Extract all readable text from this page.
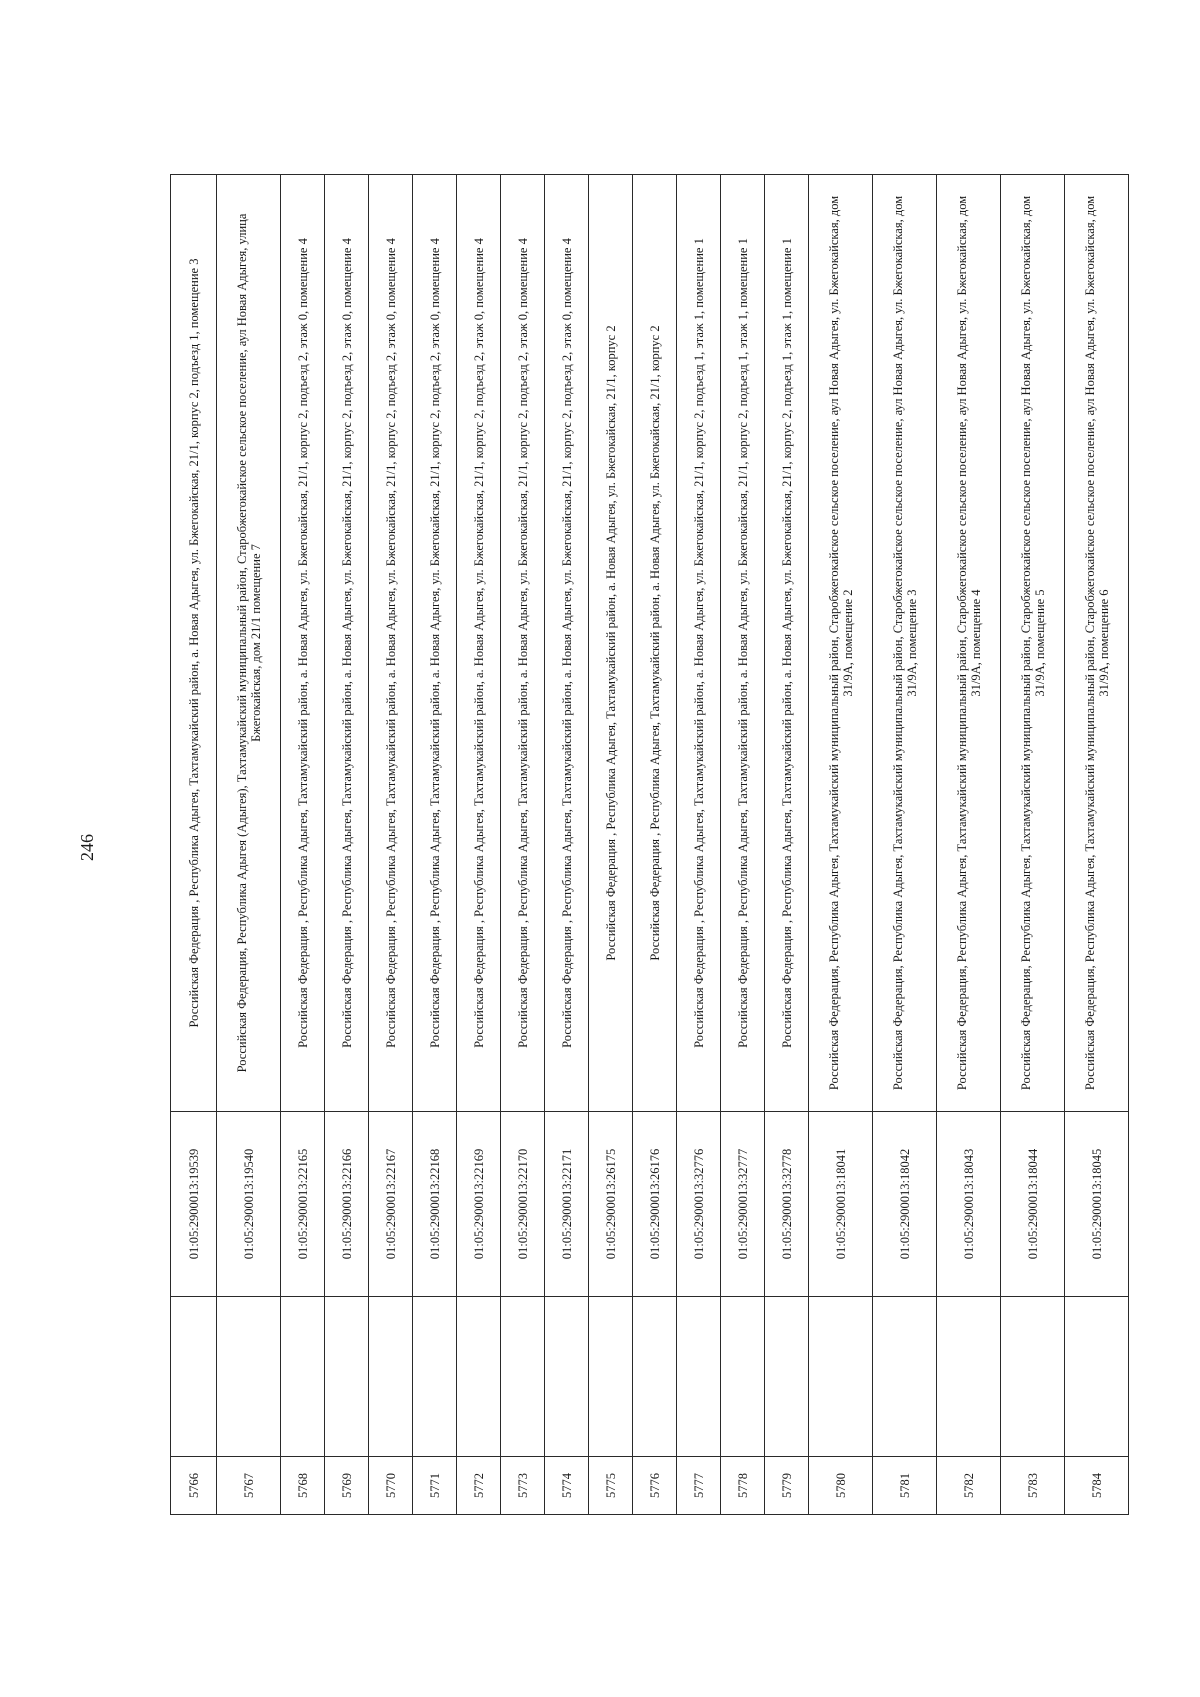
246
5766		01:05:2900013:19539	Российская Федерация , Республика Адыгея, Тахтамукайский район, а. Новая Адыгея, ул. Бжегокайская, 21/1, корпус 2, подъезд 1, помещение 3
5767		01:05:2900013:19540	Российская Федерация, Республика Адыгея (Адыгея), Тахтамукайский муниципальный район, Старобжегокайское сельское поселение, аул Новая Адыгея, улица Бжегокайская, дом 21/1 помещение 7
5768		01:05:2900013:22165	Российская Федерация , Республика Адыгея, Тахтамукайский район, а. Новая Адыгея, ул. Бжегокайская, 21/1, корпус 2, подъезд 2, этаж 0, помещение 4
5769		01:05:2900013:22166	Российская Федерация , Республика Адыгея, Тахтамукайский район, а. Новая Адыгея, ул. Бжегокайская, 21/1, корпус 2, подъезд 2, этаж 0, помещение 4
5770		01:05:2900013:22167	Российская Федерация , Республика Адыгея, Тахтамукайский район, а. Новая Адыгея, ул. Бжегокайская, 21/1, корпус 2, подъезд 2, этаж 0, помещение 4
5771		01:05:2900013:22168	Российская Федерация , Республика Адыгея, Тахтамукайский район, а. Новая Адыгея, ул. Бжегокайская, 21/1, корпус 2, подъезд 2, этаж 0, помещение 4
5772		01:05:2900013:22169	Российская Федерация , Республика Адыгея, Тахтамукайский район, а. Новая Адыгея, ул. Бжегокайская, 21/1, корпус 2, подъезд 2, этаж 0, помещение 4
5773		01:05:2900013:22170	Российская Федерация , Республика Адыгея, Тахтамукайский район, а. Новая Адыгея, ул. Бжегокайская, 21/1, корпус 2, подъезд 2, этаж 0, помещение 4
5774		01:05:2900013:22171	Российская Федерация , Республика Адыгея, Тахтамукайский район, а. Новая Адыгея, ул. Бжегокайская, 21/1, корпус 2, подъезд 2, этаж 0, помещение 4
5775		01:05:2900013:26175	Российская Федерация , Республика Адыгея, Тахтамукайский район, а. Новая Адыгея, ул. Бжегокайская, 21/1, корпус 2
5776		01:05:2900013:26176	Российская Федерация , Республика Адыгея, Тахтамукайский район, а. Новая Адыгея, ул. Бжегокайская, 21/1, корпус 2
5777		01:05:2900013:32776	Российская Федерация , Республика Адыгея, Тахтамукайский район, а. Новая Адыгея, ул. Бжегокайская, 21/1, корпус 2, подъезд 1, этаж 1, помещение 1
5778		01:05:2900013:32777	Российская Федерация , Республика Адыгея, Тахтамукайский район, а. Новая Адыгея, ул. Бжегокайская, 21/1, корпус 2, подъезд 1, этаж 1, помещение 1
5779		01:05:2900013:32778	Российская Федерация , Республика Адыгея, Тахтамукайский район, а. Новая Адыгея, ул. Бжегокайская, 21/1, корпус 2, подъезд 1, этаж 1, помещение 1
5780		01:05:2900013:18041	Российская Федерация, Республика Адыгея, Тахтамукайский муниципальный район, Старобжегокайское сельское поселение, аул Новая Адыгея, ул. Бжегокайская, дом 31/9А, помещение 2
5781		01:05:2900013:18042	Российская Федерация, Республика Адыгея, Тахтамукайский муниципальный район, Старобжегокайское сельское поселение, аул Новая Адыгея, ул. Бжегокайская, дом 31/9А, помещение 3
5782		01:05:2900013:18043	Российская Федерация, Республика Адыгея, Тахтамукайский муниципальный район, Старобжегокайское сельское поселение, аул Новая Адыгея, ул. Бжегокайская, дом 31/9А, помещение 4
5783		01:05:2900013:18044	Российская Федерация, Республика Адыгея, Тахтамукайский муниципальный район, Старобжегокайское сельское поселение, аул Новая Адыгея, ул. Бжегокайская, дом 31/9А, помещение 5
5784		01:05:2900013:18045	Российская Федерация, Республика Адыгея, Тахтамукайский муниципальный район, Старобжегокайское сельское поселение, аул Новая Адыгея, ул. Бжегокайская, дом 31/9А, помещение 6
